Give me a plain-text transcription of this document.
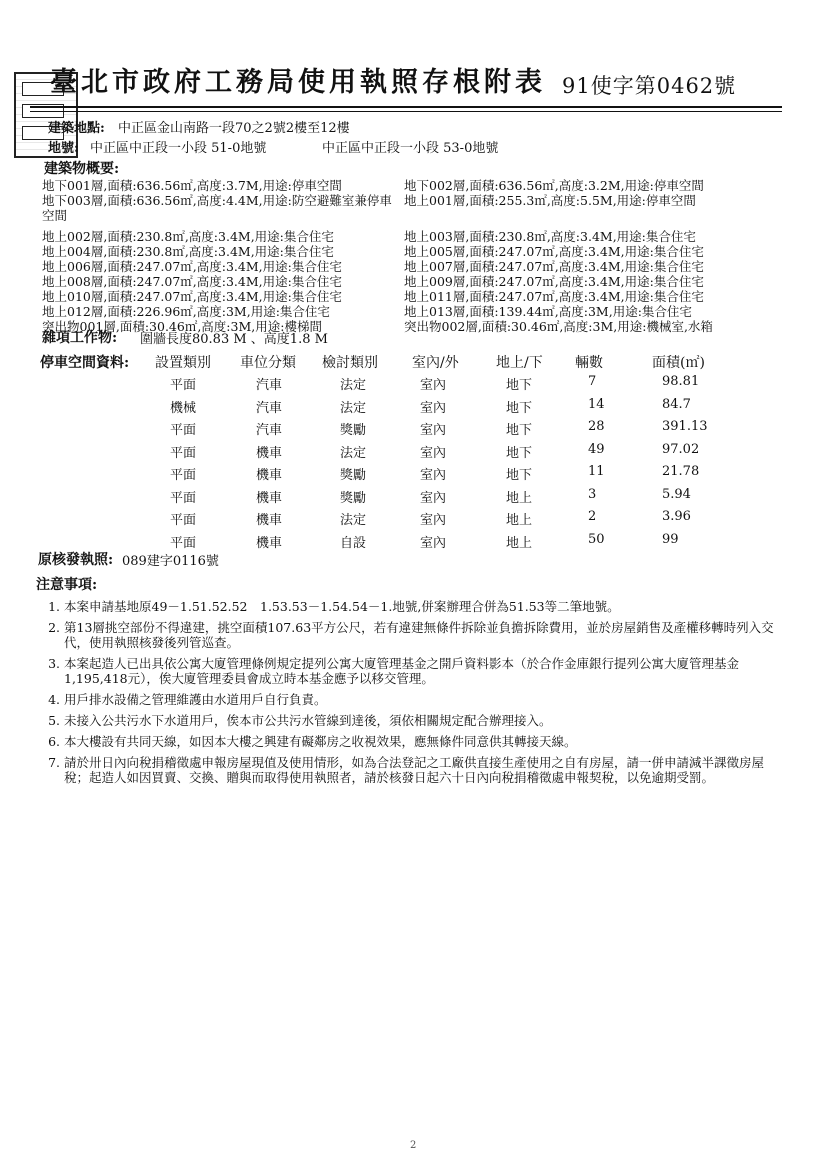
臺北市政府工務局使用執照存根附表 91使字第0462號
建築地點: 中正區金山南路一段70之2號2樓至12樓
地號: 中正區中正段一小段 51-0地號	中正區中正段一小段 53-0地號
建築物概要:
地下001層,面積:636.56㎡,高度:3.7M,用途:停車空間
地下003層,面積:636.56㎡,高度:4.4M,用途:防空避難室兼停車
空間
地上002層,面積:230.8㎡,高度:3.4M,用途:集合住宅
地上004層,面積:230.8㎡,高度:3.4M,用途:集合住宅
地上006層,面積:247.07㎡,高度:3.4M,用途:集合住宅
地上008層,面積:247.07㎡,高度:3.4M,用途:集合住宅
地上010層,面積:247.07㎡,高度:3.4M,用途:集合住宅
地上012層,面積:226.96㎡,高度:3M,用途:集合住宅
突出物001層,面積:30.46㎡,高度:3M,用途:樓梯間
地下002層,面積:636.56㎡,高度:3.2M,用途:停車空間
地上001層,面積:255.3㎡,高度:5.5M,用途:停車空間

地上003層,面積:230.8㎡,高度:3.4M,用途:集合住宅
地上005層,面積:247.07㎡,高度:3.4M,用途:集合住宅
地上007層,面積:247.07㎡,高度:3.4M,用途:集合住宅
地上009層,面積:247.07㎡,高度:3.4M,用途:集合住宅
地上011層,面積:247.07㎡,高度:3.4M,用途:集合住宅
地上013層,面積:139.44㎡,高度:3M,用途:集合住宅
突出物002層,面積:30.46㎡,高度:3M,用途:機械室,水箱
雜項工作物: 圍牆長度80.83 M 、高度1.8 M
停車空間資料: 設置類別 車位分類 檢討類別 室內/外	地上/下 輛數	面積(㎡)
平面	汽車	法定	室內	地下	7	98.81
機械	汽車	法定	室內	地下	14	84.7
平面	汽車	獎勵	室內	地下	28	391.13
平面	機車	法定	室內	地下	49	97.02
平面	機車	獎勵	室內	地下	11	21.78
平面	機車	獎勵	室內	地上	3	5.94
平面	機車	法定	室內	地上	2	3.96
平面	機車	自設	室內	地上	50	99
原核發執照: 089建字0116號
注意事項:
1. 本案申請基地原49－1.51.52.52　1.53.53－1.54.54－1.地號,併案辦理合併為51.53等二筆地號。
2. 第13層挑空部份不得違建，挑空面積107.63平方公尺，若有違建無條件拆除並負擔拆除費用，並於房屋銷售及產權移轉時列入交代，使用執照核發後列管巡查。
3. 本案起造人已出具依公寓大廈管理條例規定提列公寓大廈管理基金之開戶資料影本（於合作金庫銀行提列公寓大廈管理基金1,195,418元），俟大廈管理委員會成立時本基金應予以移交管理。
4. 用戶排水設備之管理維護由水道用戶自行負責。
5. 未接入公共污水下水道用戶，俟本市公共污水管線到達後，須依相關規定配合辦理接入。
6. 本大樓設有共同天線，如因本大樓之興建有礙鄰房之收視效果，應無條件同意供其轉接天線。
7. 請於卅日內向稅捐稽徵處申報房屋現值及使用情形，如為合法登記之工廠供直接生產使用之自有房屋，請一併申請減半課徵房屋稅；起造人如因買賣、交換、贈與而取得使用執照者，請於核發日起六十日內向稅捐稽徵處申報契稅，以免逾期受罰。
2
